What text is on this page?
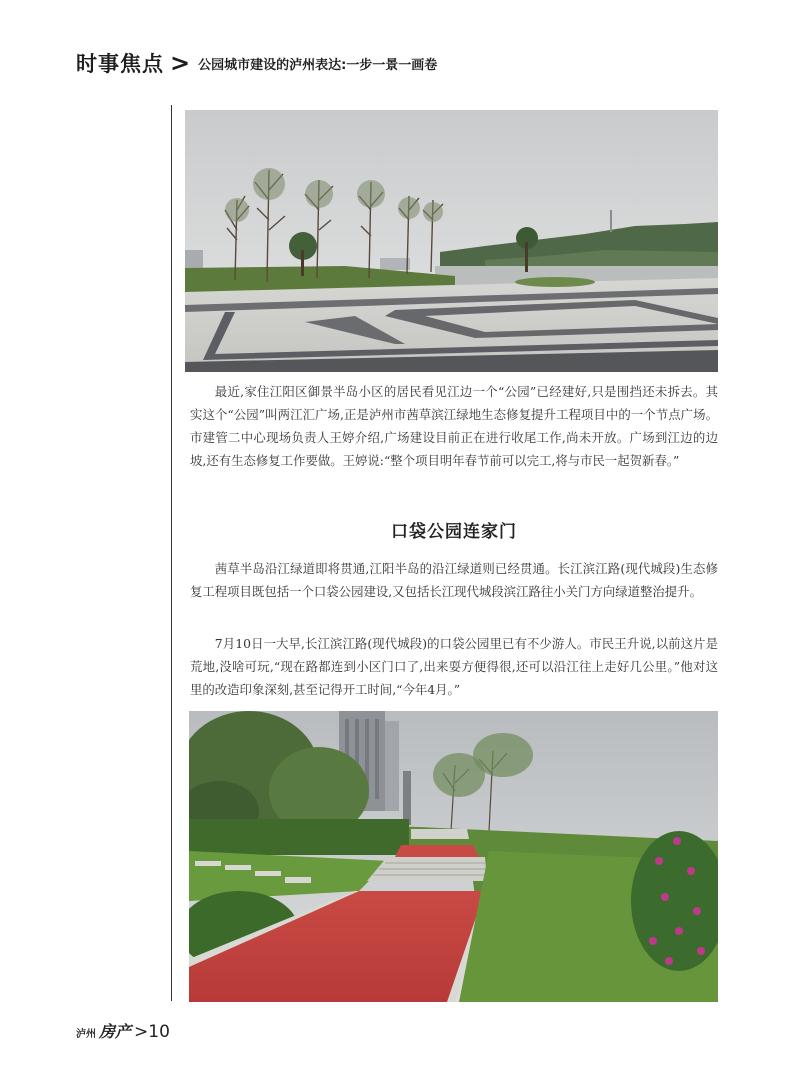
时事焦点 > 公园城市建设的泸州表达:一步一景一画卷

最近,家住江阳区御景半岛小区的居民看见江边一个“公园”已经建好,只是围挡还未拆去。其实这个“公园”叫两江汇广场,正是泸州市茜草滨江绿地生态修复提升工程项目中的一个节点广场。市建管二中心现场负责人王婷介绍,广场建设目前正在进行收尾工作,尚未开放。广场到江边的边坡,还有生态修复工作要做。王婷说:“整个项目明年春节前可以完工,将与市民一起贺新春。”

口袋公园连家门

茜草半岛沿江绿道即将贯通,江阳半岛的沿江绿道则已经贯通。长江滨江路(现代城段)生态修复工程项目既包括一个口袋公园建设,又包括长江现代城段滨江路往小关门方向绿道整治提升。

7月10日一大早,长江滨江路(现代城段)的口袋公园里已有不少游人。市民王升说,以前这片是荒地,没啥可玩,“现在路都连到小区门口了,出来耍方便得很,还可以沿江往上走好几公里。”他对这里的改造印象深刻,甚至记得开工时间,“今年4月。”

泸州 房产 >10
